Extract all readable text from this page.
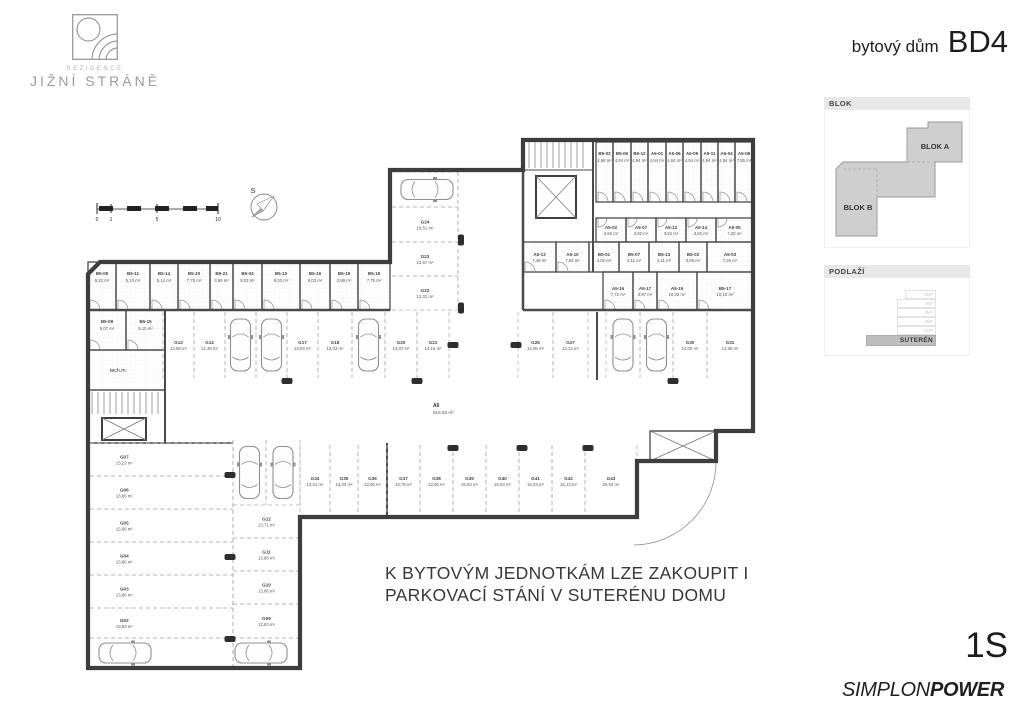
B5-08
5,22 m²
B5-11
5,10 m²
B5-14
5,14 m²
B5-20
7,75 m²
B5-21
3,99 m²
B5-04
8,03 m²
B5-10
8,03 m²
B5-16
8,03 m²
B5-19
3,99 m²
B5-18
7,75 m²
B5-09
5,07 m²
B5-15
5,10 m²
tech.m.
B5-02
4,98 m²
B5-06
4,94 m²
B5-12
4,94 m²
A5-01
4,94 m²
A5-06
4,94 m²
A5-09
4,94 m²
A5-11
4,94 m²
A5-04
4,94 m²
A5-08
7,55 m²
A5-02
3,92 m²
A5-07
3,92 m²
A5-12
3,92 m²
A5-14
3,92 m²
A5-05
7,20 m²
A5-13
7,49 m²
A5-10
7,54 m²
B5-01
4,02 m²
B5-07
4,11 m²
B5-13
4,11 m²
B5-03
3,95 m²
A5-03
7,26 m²
A5-16
7,72 m²
A5-17
3,97 m²
A5-15
10,02 m²
B5-17
10,10 m²
G13
13,68 m²
G14
14,39 m²
G17
13,03 m²
G18
13,03 m²
G20
13,37 m²
G21
13,16 m²
G26
14,06 m²
G27
13,12 m²
G30
14,00 m²
G31
14,56 m²
G24
18,51 m²
G23
13,67 m²
G22
13,31 m²
G34
13,21 m²
G35
13,03 m²
G36
13,06 m²
G37
13,75 m²
G38
13,06 m²
G39
15,53 m²
G40
15,53 m²
G41
15,03 m²
G42
15,13 m²
G43
20,53 m²
G07
13,23 m²
G06
13,86 m²
G05
13,86 m²
G04
13,86 m²
G03
13,86 m²
G02
13,83 m²
G12
13,71 m²
G11
13,86 m²
G10
13,86 m²
G09
13,83 m²
A6
916,63 m²
0 1	5	10
S
REZIDENCE
JIŽNÍ STRÁNĚ
bytový dům BD4
BLOK
BLOK A
BLOK B
PODLAŽÍ
5NP
4NP
3NP
2NP
1NP
SUTERÉN
K BYTOVÝM JEDNOTKÁM LZE ZAKOUPIT I
PARKOVACÍ STÁNÍ V SUTERÉNU DOMU
1S
SIMPLONPOWER
